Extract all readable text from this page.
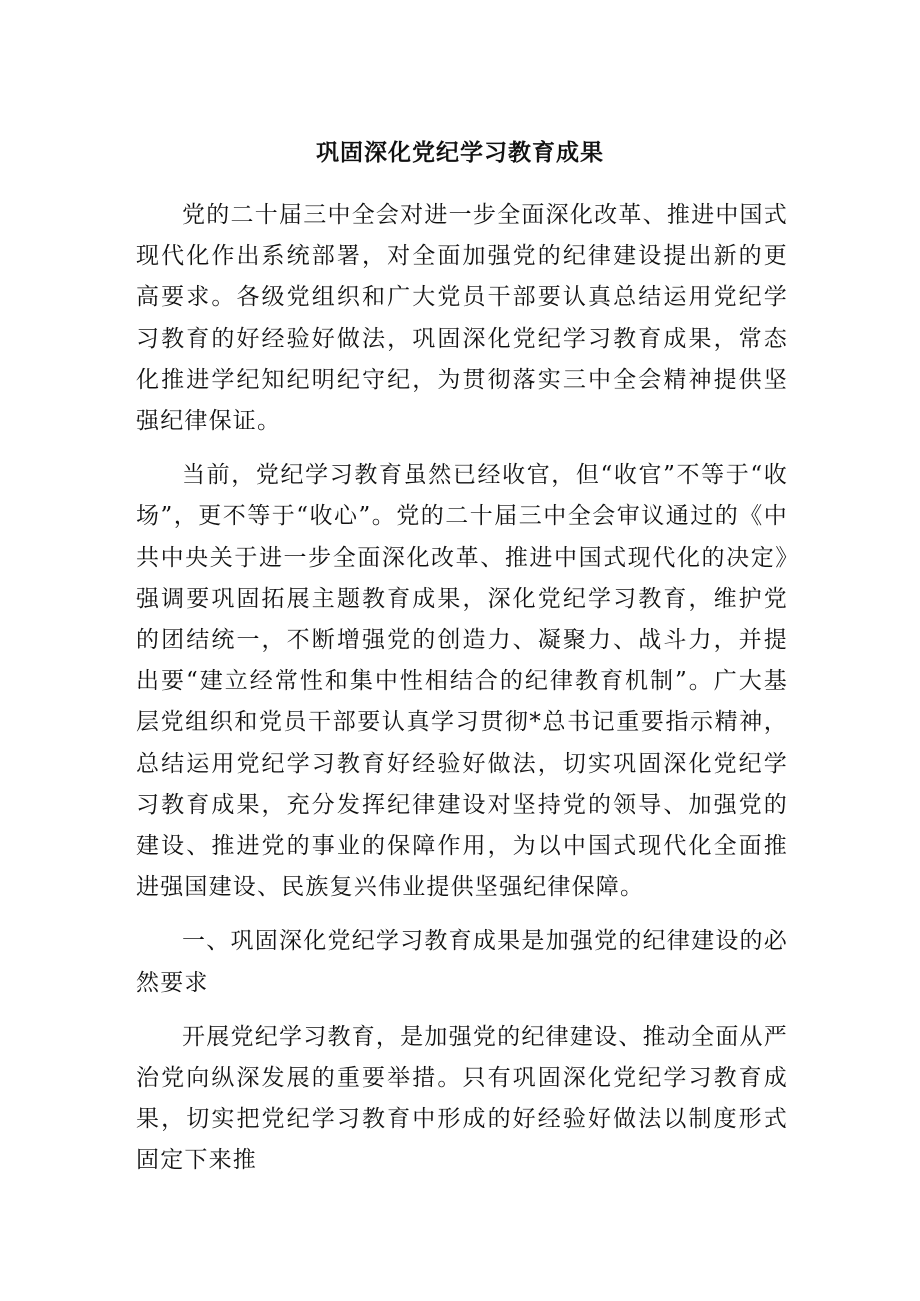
巩固深化党纪学习教育成果

党的二十届三中全会对进一步全面深化改革、推进中国式现代化作出系统部署，对全面加强党的纪律建设提出新的更高要求。各级党组织和广大党员干部要认真总结运用党纪学习教育的好经验好做法，巩固深化党纪学习教育成果，常态化推进学纪知纪明纪守纪，为贯彻落实三中全会精神提供坚强纪律保证。

当前，党纪学习教育虽然已经收官，但“收官”不等于“收场”，更不等于“收心”。党的二十届三中全会审议通过的《中共中央关于进一步全面深化改革、推进中国式现代化的决定》强调要巩固拓展主题教育成果，深化党纪学习教育，维护党的团结统一，不断增强党的创造力、凝聚力、战斗力，并提出要“建立经常性和集中性相结合的纪律教育机制”。广大基层党组织和党员干部要认真学习贯彻*总书记重要指示精神，总结运用党纪学习教育好经验好做法，切实巩固深化党纪学习教育成果，充分发挥纪律建设对坚持党的领导、加强党的建设、推进党的事业的保障作用，为以中国式现代化全面推进强国建设、民族复兴伟业提供坚强纪律保障。

一、巩固深化党纪学习教育成果是加强党的纪律建设的必然要求

开展党纪学习教育，是加强党的纪律建设、推动全面从严治党向纵深发展的重要举措。只有巩固深化党纪学习教育成果，切实把党纪学习教育中形成的好经验好做法以制度形式固定下来推
